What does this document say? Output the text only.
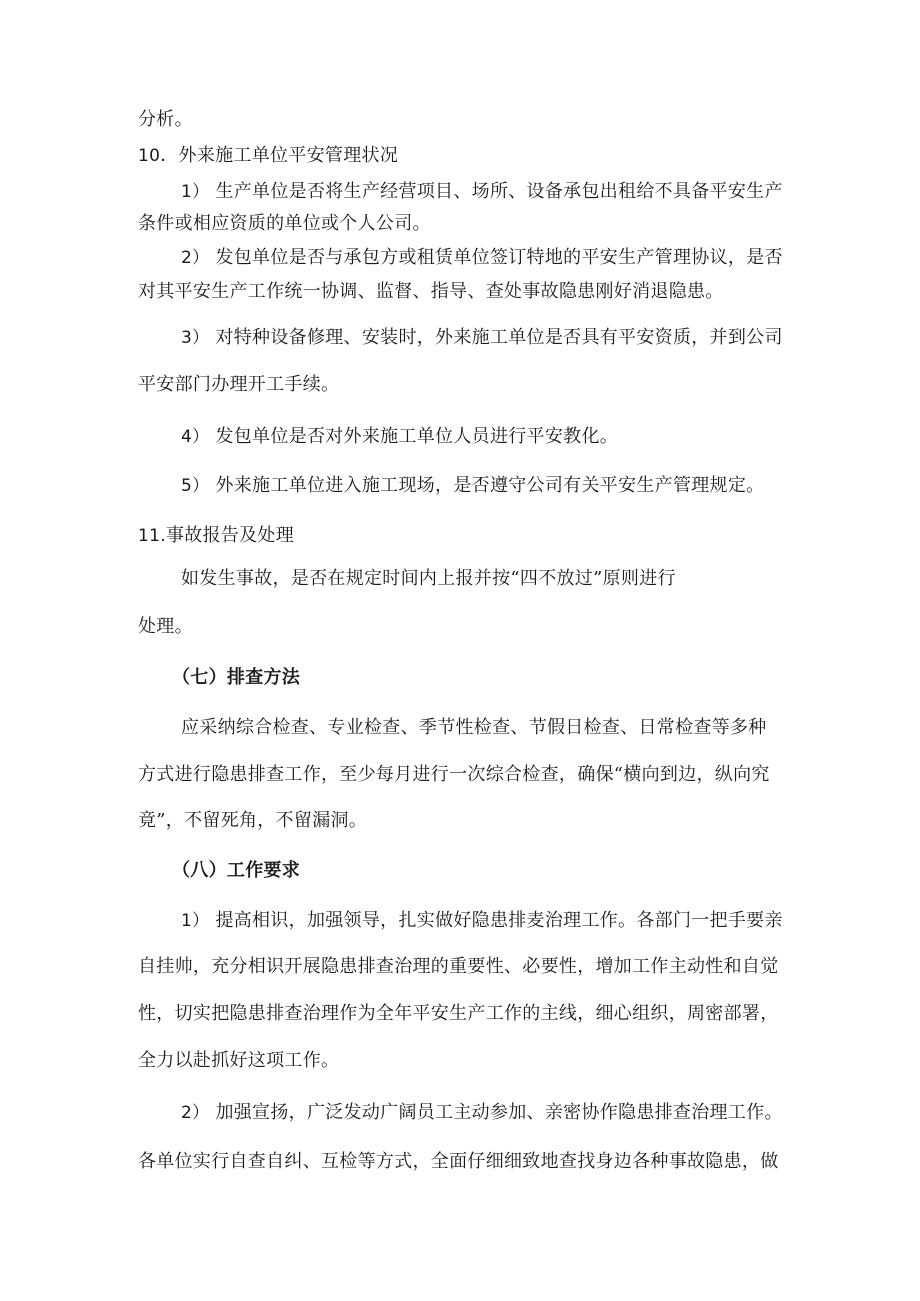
分析。
10．外来施工单位平安管理状况
1） 生产单位是否将生产经营项目、场所、设备承包出租给不具备平安生产
条件或相应资质的单位或个人公司。
2） 发包单位是否与承包方或租赁单位签订特地的平安生产管理协议，是否
对其平安生产工作统一协调、监督、指导、查处事故隐患刚好消退隐患。
3） 对特种设备修理、安装时，外来施工单位是否具有平安资质，并到公司
平安部门办理开工手续。
4） 发包单位是否对外来施工单位人员进行平安教化。
5） 外来施工单位进入施工现场，是否遵守公司有关平安生产管理规定。
11.事故报告及处理
如发生事故，是否在规定时间内上报并按“四不放过”原则进行
处理。
（七）排查方法
应采纳综合检查、专业检查、季节性检查、节假日检查、日常检查等多种
方式进行隐患排查工作，至少每月进行一次综合检查，确保“横向到边，纵向究
竟”，不留死角，不留漏洞。
（八）工作要求
1） 提高相识，加强领导，扎实做好隐患排麦治理工作。各部门一把手要亲
自挂帅，充分相识开展隐患排查治理的重要性、必要性，增加工作主动性和自觉
性，切实把隐患排查治理作为全年平安生产工作的主线，细心组织，周密部署，
全力以赴抓好这项工作。
2） 加强宣扬，广泛发动广阔员工主动参加、亲密协作隐患排查治理工作。
各单位实行自查自纠、互检等方式，全面仔细细致地查找身边各种事故隐患，做
